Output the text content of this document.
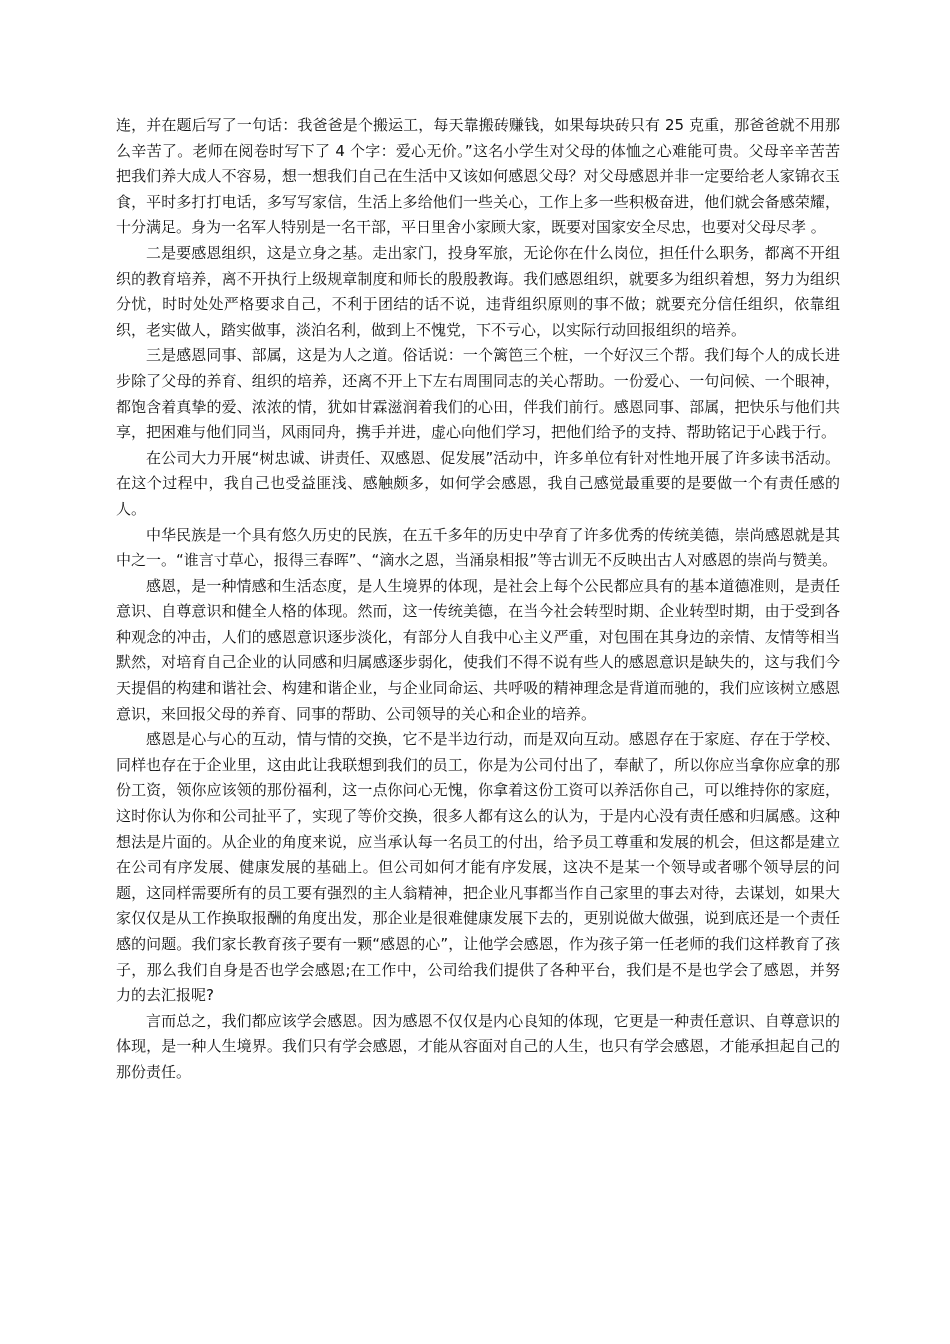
连，并在题后写了一句话：我爸爸是个搬运工，每天靠搬砖赚钱，如果每块砖只有 25 克重，那爸爸就不用那么辛苦了。老师在阅卷时写下了 4 个字：爱心无价。”这名小学生对父母的体恤之心难能可贵。父母辛辛苦苦把我们养大成人不容易，想一想我们自己在生活中又该如何感恩父母？对父母感恩并非一定要给老人家锦衣玉食，平时多打打电话，多写写家信，生活上多给他们一些关心，工作上多一些积极奋进，他们就会备感荣耀，十分满足。身为一名军人特别是一名干部，平日里舍小家顾大家，既要对国家安全尽忠，也要对父母尽孝 。

二是要感恩组织，这是立身之基。走出家门，投身军旅，无论你在什么岗位，担任什么职务，都离不开组织的教育培养，离不开执行上级规章制度和师长的殷殷教诲。我们感恩组织，就要多为组织着想，努力为组织分忧，时时处处严格要求自己，不利于团结的话不说，违背组织原则的事不做；就要充分信任组织，依靠组织，老实做人，踏实做事，淡泊名利，做到上不愧党，下不亏心，以实际行动回报组织的培养。

三是感恩同事、部属，这是为人之道。俗话说：一个篱笆三个桩，一个好汉三个帮。我们每个人的成长进步除了父母的养育、组织的培养，还离不开上下左右周围同志的关心帮助。一份爱心、一句问候、一个眼神，都饱含着真挚的爱、浓浓的情，犹如甘霖滋润着我们的心田，伴我们前行。感恩同事、部属，把快乐与他们共享，把困难与他们同当，风雨同舟，携手并进，虚心向他们学习，把他们给予的支持、帮助铭记于心践于行。

在公司大力开展“树忠诚、讲责任、双感恩、促发展”活动中，许多单位有针对性地开展了许多读书活动。在这个过程中，我自己也受益匪浅、感触颇多，如何学会感恩，我自己感觉最重要的是要做一个有责任感的人。

中华民族是一个具有悠久历史的民族，在五千多年的历史中孕育了许多优秀的传统美德，崇尚感恩就是其中之一。“谁言寸草心，报得三春晖”、“滴水之恩，当涌泉相报”等古训无不反映出古人对感恩的崇尚与赞美。

感恩，是一种情感和生活态度，是人生境界的体现，是社会上每个公民都应具有的基本道德准则，是责任意识、自尊意识和健全人格的体现。然而，这一传统美德，在当今社会转型时期、企业转型时期，由于受到各种观念的冲击，人们的感恩意识逐步淡化，有部分人自我中心主义严重，对包围在其身边的亲情、友情等相当默然，对培育自己企业的认同感和归属感逐步弱化，使我们不得不说有些人的感恩意识是缺失的，这与我们今天提倡的构建和谐社会、构建和谐企业，与企业同命运、共呼吸的精神理念是背道而驰的，我们应该树立感恩意识，来回报父母的养育、同事的帮助、公司领导的关心和企业的培养。

感恩是心与心的互动，情与情的交换，它不是半边行动，而是双向互动。感恩存在于家庭、存在于学校、同样也存在于企业里，这由此让我联想到我们的员工，你是为公司付出了，奉献了，所以你应当拿你应拿的那份工资，领你应该领的那份福利，这一点你问心无愧，你拿着这份工资可以养活你自己，可以维持你的家庭，这时你认为你和公司扯平了，实现了等价交换，很多人都有这么的认为，于是内心没有责任感和归属感。这种想法是片面的。从企业的角度来说，应当承认每一名员工的付出，给予员工尊重和发展的机会，但这都是建立在公司有序发展、健康发展的基础上。但公司如何才能有序发展，这决不是某一个领导或者哪个领导层的问题，这同样需要所有的员工要有强烈的主人翁精神，把企业凡事都当作自己家里的事去对待，去谋划，如果大家仅仅是从工作换取报酬的角度出发，那企业是很难健康发展下去的，更别说做大做强，说到底还是一个责任感的问题。我们家长教育孩子要有一颗“感恩的心”，让他学会感恩，作为孩子第一任老师的我们这样教育了孩子，那么我们自身是否也学会感恩;在工作中，公司给我们提供了各种平台，我们是不是也学会了感恩，并努力的去汇报呢?

言而总之，我们都应该学会感恩。因为感恩不仅仅是内心良知的体现，它更是一种责任意识、自尊意识的体现，是一种人生境界。我们只有学会感恩，才能从容面对自己的人生，也只有学会感恩，才能承担起自己的那份责任。
